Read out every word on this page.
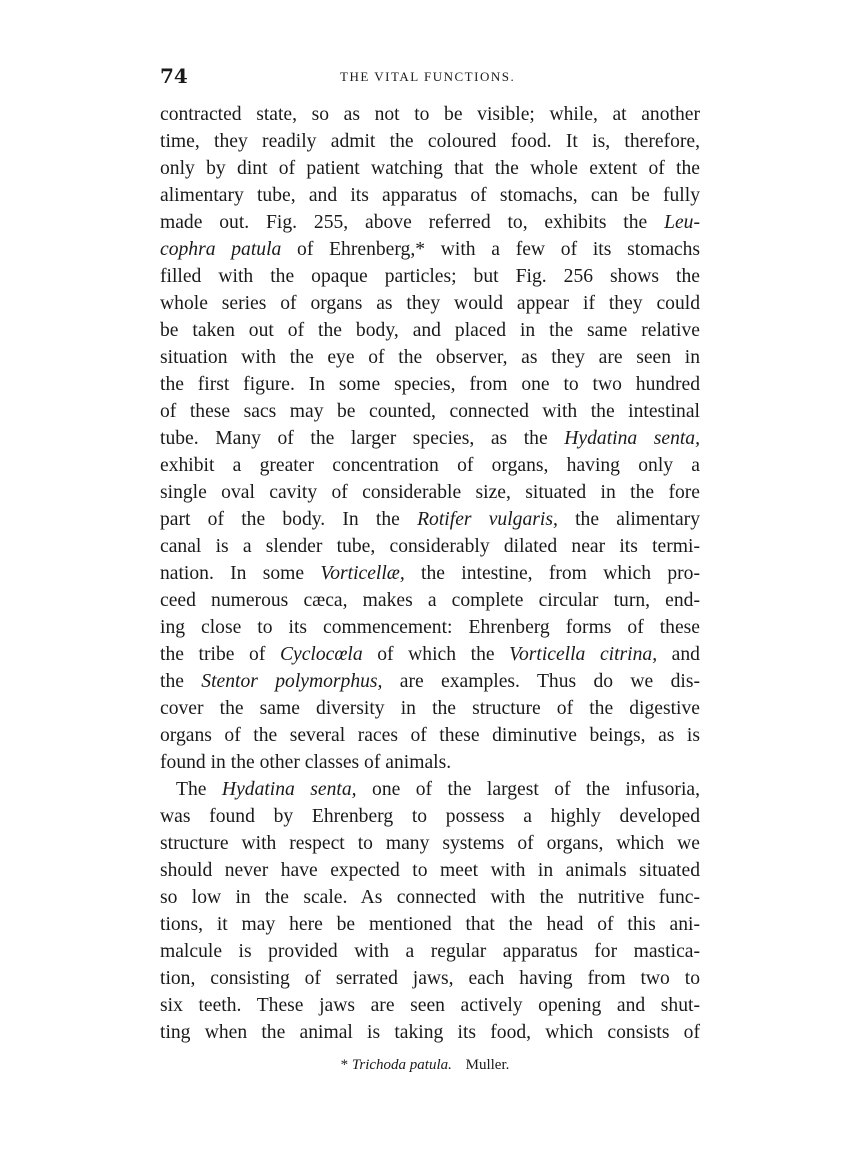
74	THE VITAL FUNCTIONS.
contracted state, so as not to be visible; while, at another
time, they readily admit the coloured food. It is, therefore,
only by dint of patient watching that the whole extent of the
alimentary tube, and its apparatus of stomachs, can be fully
made out. Fig. 255, above referred to, exhibits the Leu-
cophra patula of Ehrenberg,* with a few of its stomachs
filled with the opaque particles; but Fig. 256 shows the
whole series of organs as they would appear if they could
be taken out of the body, and placed in the same relative
situation with the eye of the observer, as they are seen in
the first figure. In some species, from one to two hundred
of these sacs may be counted, connected with the intestinal
tube. Many of the larger species, as the Hydatina senta,
exhibit a greater concentration of organs, having only a
single oval cavity of considerable size, situated in the fore
part of the body. In the Rotifer vulgaris, the alimentary
canal is a slender tube, considerably dilated near its termi-
nation. In some Vorticellæ, the intestine, from which pro-
ceed numerous cæca, makes a complete circular turn, end-
ing close to its commencement: Ehrenberg forms of these
the tribe of Cyclocœla of which the Vorticella citrina, and
the Stentor polymorphus, are examples. Thus do we dis-
cover the same diversity in the structure of the digestive
organs of the several races of these diminutive beings, as is
found in the other classes of animals.
The Hydatina senta, one of the largest of the infusoria,
was found by Ehrenberg to possess a highly developed
structure with respect to many systems of organs, which we
should never have expected to meet with in animals situated
so low in the scale. As connected with the nutritive func-
tions, it may here be mentioned that the head of this ani-
malcule is provided with a regular apparatus for mastica-
tion, consisting of serrated jaws, each having from two to
six teeth. These jaws are seen actively opening and shut-
ting when the animal is taking its food, which consists of
* Trichoda patula. Muller.
